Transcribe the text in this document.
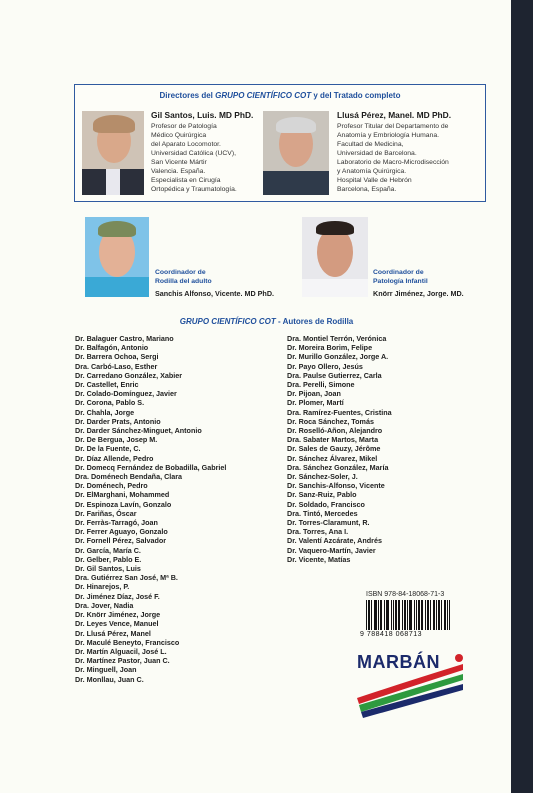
Directores del GRUPO CIENTÍFICO COT y del Tratado completo
Gil Santos, Luis. MD PhD.
Profesor de Patología
Médico Quirúrgica
del Aparato Locomotor.
Universidad Católica (UCV),
San Vicente Mártir
Valencia. España.
Especialista en Cirugía
Ortopédica y Traumatología.
Llusá Pérez, Manel. MD PhD.
Profesor Titular del Departamento de
Anatomía y Embriología Humana.
Facultad de Medicina,
Universidad de Barcelona.
Laboratorio de Macro-Microdisección
y Anatomía Quirúrgica.
Hospital Valle de Hebrón
Barcelona, España.
Coordinador de
Rodilla del adulto
Sanchis Alfonso, Vicente. MD PhD.
Coordinador de
Patología Infantil
Knörr Jiménez, Jorge. MD.
GRUPO CIENTÍFICO COT - Autores de Rodilla
Dr. Balaguer Castro, Mariano
Dr. Balfagón, Antonio
Dr. Barrera Ochoa, Sergi
Dra. Carbó-Laso, Esther
Dr. Carredano González, Xabier
Dr. Castellet, Enric
Dr. Colado-Domínguez, Javier
Dr. Corona, Pablo S.
Dr. Chahla, Jorge
Dr. Darder Prats, Antonio
Dr. Darder Sánchez-Minguet, Antonio
Dr. De Bergua, Josep M.
Dr. De la Fuente, C.
Dr. Díaz Allende, Pedro
Dr. Domecq Fernández de Bobadilla, Gabriel
Dra. Doménech Bendaña, Clara
Dr. Doménech, Pedro
Dr. ElMarghani, Mohammed
Dr. Espinoza Lavín, Gonzalo
Dr. Fariñas, Óscar
Dr. Ferràs-Tarragó, Joan
Dr. Ferrer Aguayo, Gonzalo
Dr. Fornell Pérez, Salvador
Dr. García, María C.
Dr. Gelber, Pablo E.
Dr. Gil Santos, Luis
Dra. Gutiérrez San José, Mª B.
Dr. Hinarejos, P.
Dr. Jiménez Díaz, José F.
Dra. Jover, Nadia
Dr. Knörr Jiménez, Jorge
Dr. Leyes Vence, Manuel
Dr. Llusá Pérez, Manel
Dr. Maculé Beneyto, Francisco
Dr. Martín Alguacil, José L.
Dr. Martínez Pastor, Juan C.
Dr. Minguell, Joan
Dr. Monllau, Juan C.
Dra. Montiel Terrón, Verónica
Dr. Moreira Borim, Felipe
Dr. Murillo González, Jorge A.
Dr. Payo Ollero, Jesús
Dra. Paulse Gutierrez, Carla
Dra. Perelli, Simone
Dr. Pijoan, Joan
Dr. Plomer, Martí
Dra. Ramírez-Fuentes, Cristina
Dr. Roca Sánchez, Tomás
Dr. Roselló-Añon, Alejandro
Dra. Sabater Martos, Marta
Dr. Sales de Gauzy, Jérôme
Dr. Sánchez Álvarez, Mikel
Dra. Sánchez González, María
Dr. Sánchez-Soler, J.
Dr. Sanchis-Alfonso, Vicente
Dr. Sanz-Ruiz, Pablo
Dr. Soldado, Francisco
Dra. Tintó, Mercedes
Dr. Torres-Claramunt, R.
Dra. Torres, Ana I.
Dr. Valentí Azcárate, Andrés
Dr. Vaquero-Martín, Javier
Dr. Vicente, Matías
ISBN 978-84-18068-71-3
9 788418 068713
MARBÁN
